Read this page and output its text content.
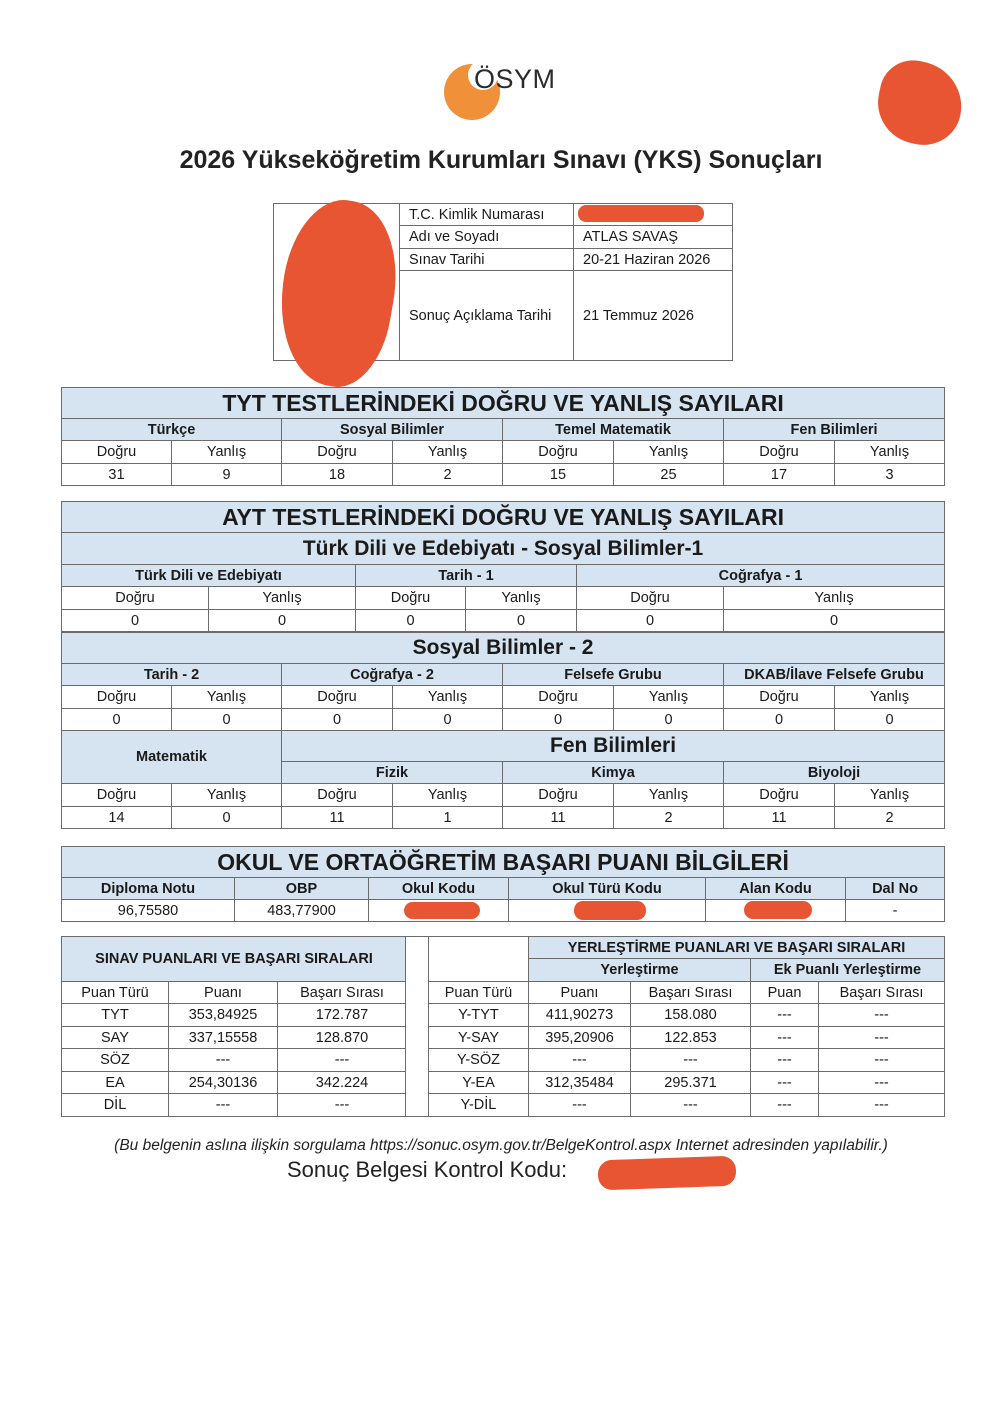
ÖSYM
2026 Yükseköğretim Kurumları Sınavı (YKS) Sonuçları
	T.C. Kimlik Numarası	
	Adı ve Soyadı	ATLAS SAVAŞ
	Sınav Tarihi	20-21 Haziran 2026
	Sonuç Açıklama Tarihi	21 Temmuz 2026
TYT TESTLERİNDEKİ DOĞRU VE YANLIŞ SAYILARI							
Türkçe		Sosyal Bilimler		Temel Matematik		Fen Bilimleri	
Doğru	Yanlış	Doğru	Yanlış	Doğru	Yanlış	Doğru	Yanlış
31	9	18	2	15	25	17	3
AYT TESTLERİNDEKİ DOĞRU VE YANLIŞ SAYILARI					
Türk Dili ve Edebiyatı - Sosyal Bilimler-1					
Türk Dili ve Edebiyatı		Tarih - 1		Coğrafya - 1	
Doğru	Yanlış	Doğru	Yanlış	Doğru	Yanlış
0	0	0	0	0	0
Sosyal Bilimler - 2							
Tarih - 2		Coğrafya - 2		Felsefe Grubu		DKAB/İlave Felsefe Grubu	
Doğru	Yanlış	Doğru	Yanlış	Doğru	Yanlış	Doğru	Yanlış
0	0	0	0	0	0	0	0
Matematik		Fen Bilimleri					
		Fizik		Kimya		Biyoloji	
Doğru	Yanlış	Doğru	Yanlış	Doğru	Yanlış	Doğru	Yanlış
14	0	11	1	11	2	11	2
OKUL VE ORTAÖĞRETİM BAŞARI PUANI BİLGİLERİ					
Diploma Notu	OBP	Okul Kodu	Okul Türü Kodu	Alan Kodu	Dal No
96,75580	483,77900				-
SINAV PUANLARI VE BAŞARI SIRALARI		
Puan Türü	Puanı	Başarı Sırası
TYT	353,84925	172.787
SAY	337,15558	128.870
SÖZ	---	---
EA	254,30136	342.224
DİL	---	---
	YERLEŞTİRME PUANLARI VE BAŞARI SIRALARI			
	Yerleştirme		Ek Puanlı Yerleştirme	
Puan Türü	Puanı	Başarı Sırası	Puan	Başarı Sırası
Y-TYT	411,90273	158.080	---	---
Y-SAY	395,20906	122.853	---	---
Y-SÖZ	---	---	---	---
Y-EA	312,35484	295.371	---	---
Y-DİL	---	---	---	---
(Bu belgenin aslına ilişkin sorgulama https://sonuc.osym.gov.tr/BelgeKontrol.aspx Internet adresinden yapılabilir.)
Sonuç Belgesi Kontrol Kodu:
